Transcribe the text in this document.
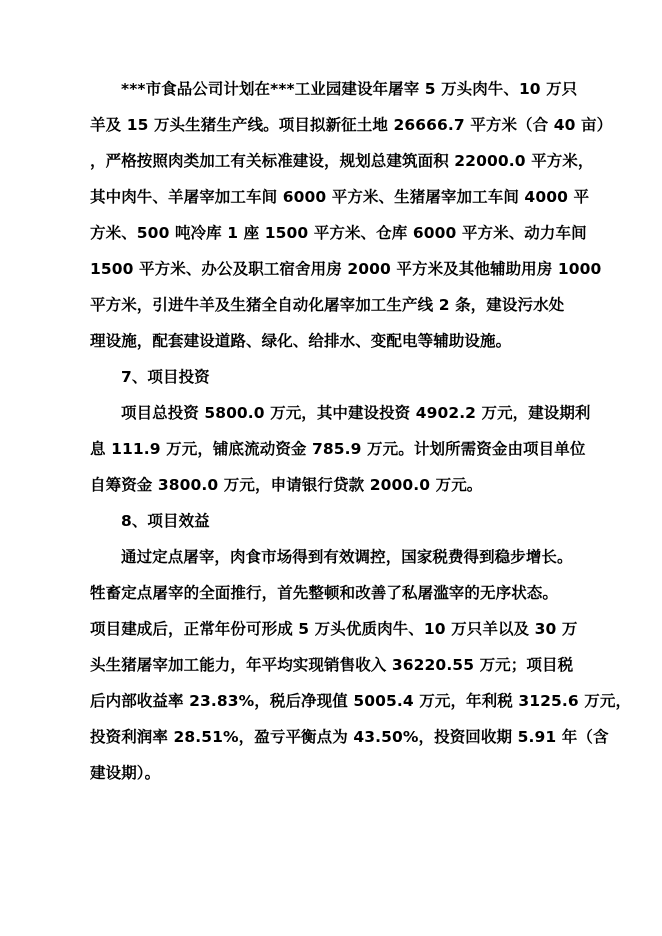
***市食品公司计划在***工业园建设年屠宰 5 万头肉牛、10 万只
羊及 15 万头生猪生产线。项目拟新征土地 26666.7 平方米（合 40 亩）
，严格按照肉类加工有关标准建设，规划总建筑面积 22000.0 平方米，
其中肉牛、羊屠宰加工车间 6000 平方米、生猪屠宰加工车间 4000 平
方米、500 吨冷库 1 座 1500 平方米、仓库 6000 平方米、动力车间
1500 平方米、办公及职工宿舍用房 2000 平方米及其他辅助用房 1000
平方米，引进牛羊及生猪全自动化屠宰加工生产线 2 条，建设污水处
理设施，配套建设道路、绿化、给排水、变配电等辅助设施。
7、项目投资
项目总投资 5800.0 万元，其中建设投资 4902.2 万元，建设期利
息 111.9 万元，铺底流动资金 785.9 万元。计划所需资金由项目单位
自筹资金 3800.0 万元，申请银行贷款 2000.0 万元。
8、项目效益
通过定点屠宰，肉食市场得到有效调控，国家税费得到稳步增长。
牲畜定点屠宰的全面推行，首先整顿和改善了私屠滥宰的无序状态。
项目建成后，正常年份可形成 5 万头优质肉牛、10 万只羊以及 30 万
头生猪屠宰加工能力，年平均实现销售收入 36220.55 万元；项目税
后内部收益率 23.83%，税后净现值 5005.4 万元，年利税 3125.6 万元，
投资利润率 28.51%，盈亏平衡点为 43.50%，投资回收期 5.91 年（含
建设期）。
